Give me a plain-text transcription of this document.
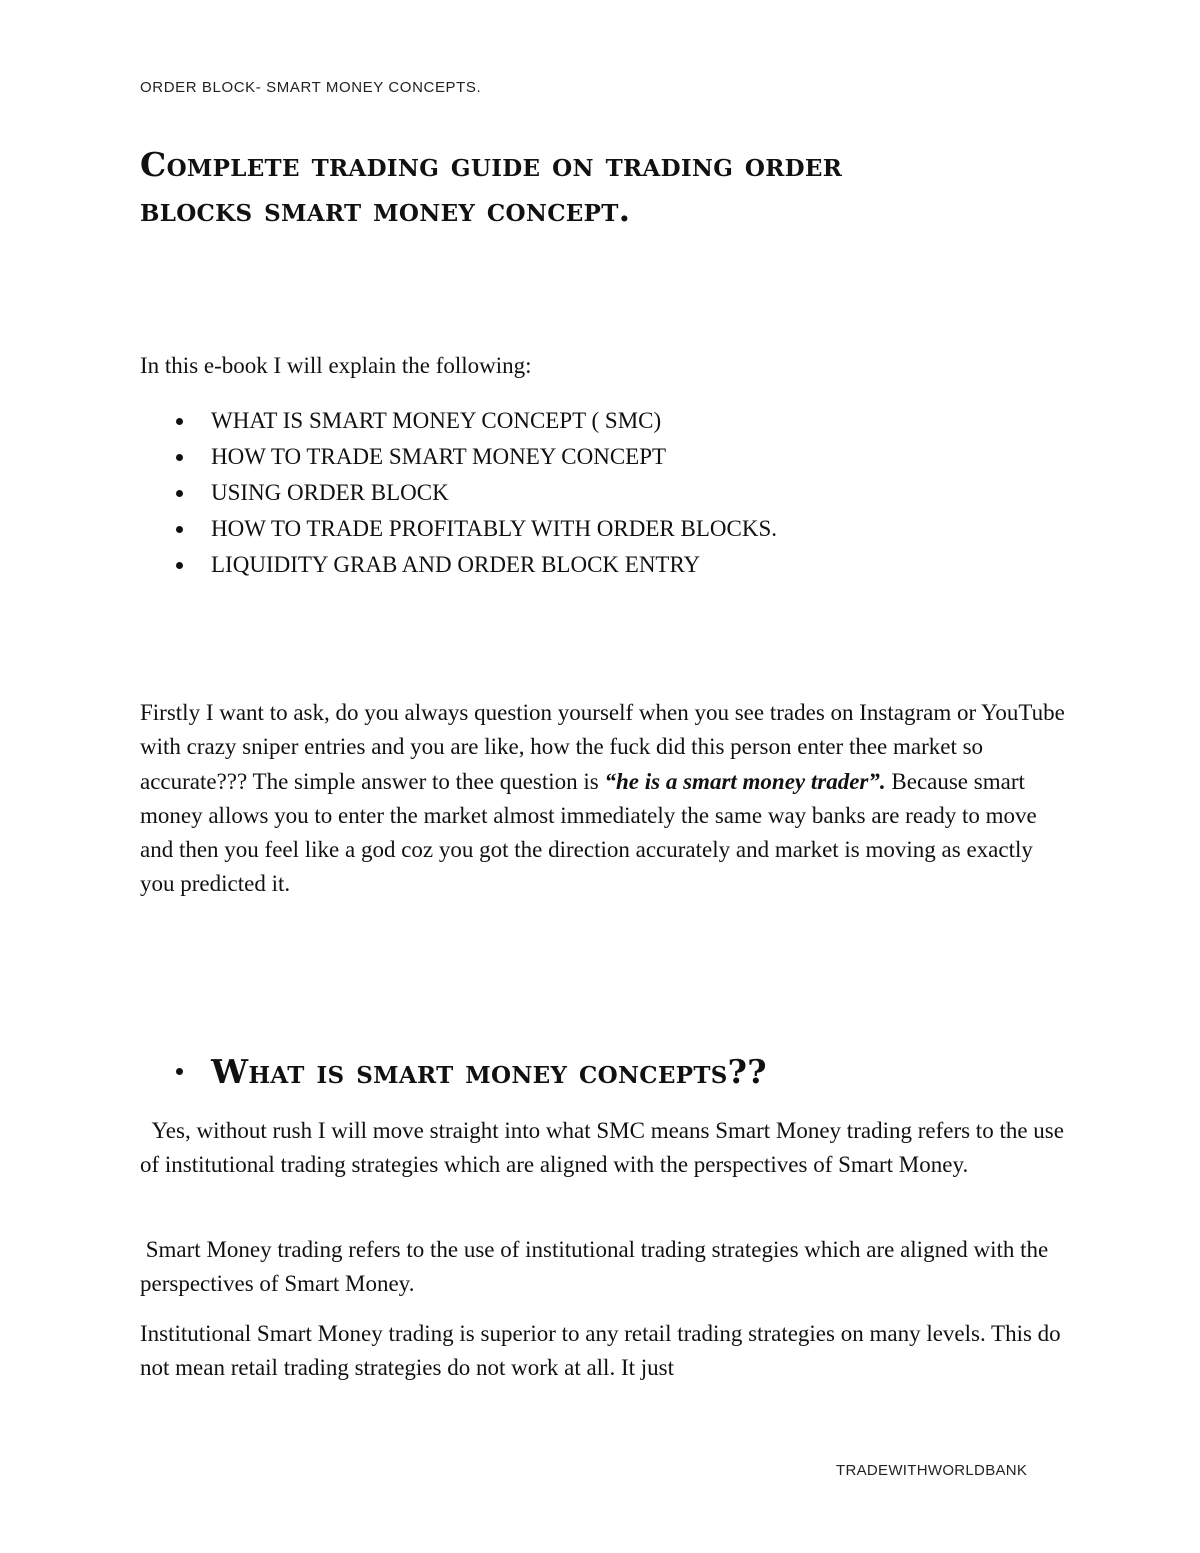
ORDER BLOCK- SMART MONEY CONCEPTS.
Complete trading guide on trading order
blocks smart money concept.

In this e-book I will explain the following:

WHAT IS SMART MONEY CONCEPT ( SMC)
HOW TO TRADE SMART MONEY CONCEPT
USING ORDER BLOCK
HOW TO TRADE PROFITABLY WITH ORDER BLOCKS.
LIQUIDITY GRAB AND ORDER BLOCK ENTRY

Firstly I want to ask, do you always question yourself when you see trades on Instagram or YouTube with crazy sniper entries and you are like, how the fuck did this person enter thee market so accurate??? The simple answer to thee question is “he is a smart money trader”. Because smart money allows you to enter the market almost immediately the same way banks are ready to move and then you feel like a god coz you got the direction accurately and market is moving as exactly you predicted it.

What is smart money concepts??

Yes, without rush I will move straight into what SMC means Smart Money trading refers to the use of institutional trading strategies which are aligned with the perspectives of Smart Money.

Smart Money trading refers to the use of institutional trading strategies which are aligned with the perspectives of Smart Money.

Institutional Smart Money trading is superior to any retail trading strategies on many levels. This do not mean retail trading strategies do not work at all. It just

TRADEWITHWORLDBANK
